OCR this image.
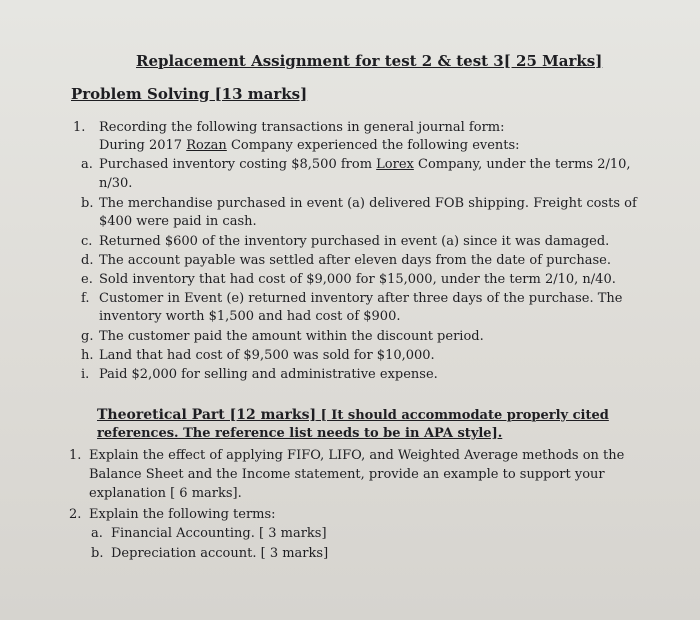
Replacement Assignment for test 2 & test 3[ 25 Marks]
Problem Solving [13 marks]
1. Recording the following transactions in general journal form:
During 2017 Rozan Company experienced the following events:
a. Purchased inventory costing $8,500 from Lorex Company, under the terms 2/10,
n/30.
b. The merchandise purchased in event (a) delivered FOB shipping. Freight costs of
$400 were paid in cash.
c. Returned $600 of the inventory purchased in event (a) since it was damaged.
d. The account payable was settled after eleven days from the date of purchase.
e. Sold inventory that had cost of $9,000 for $15,000, under the term 2/10, n/40.
f. Customer in Event (e) returned inventory after three days of the purchase. The
inventory worth $1,500 and had cost of $900.
g. The customer paid the amount within the discount period.
h. Land that had cost of $9,500 was sold for $10,000.
i. Paid $2,000 for selling and administrative expense.
Theoretical Part [12 marks] [ It should accommodate properly cited
references. The reference list needs to be in APA style].
1. Explain the effect of applying FIFO, LIFO, and Weighted Average methods on the
Balance Sheet and the Income statement, provide an example to support your
explanation [ 6 marks].
2. Explain the following terms:
a. Financial Accounting. [ 3 marks]
b. Depreciation account. [ 3 marks]
